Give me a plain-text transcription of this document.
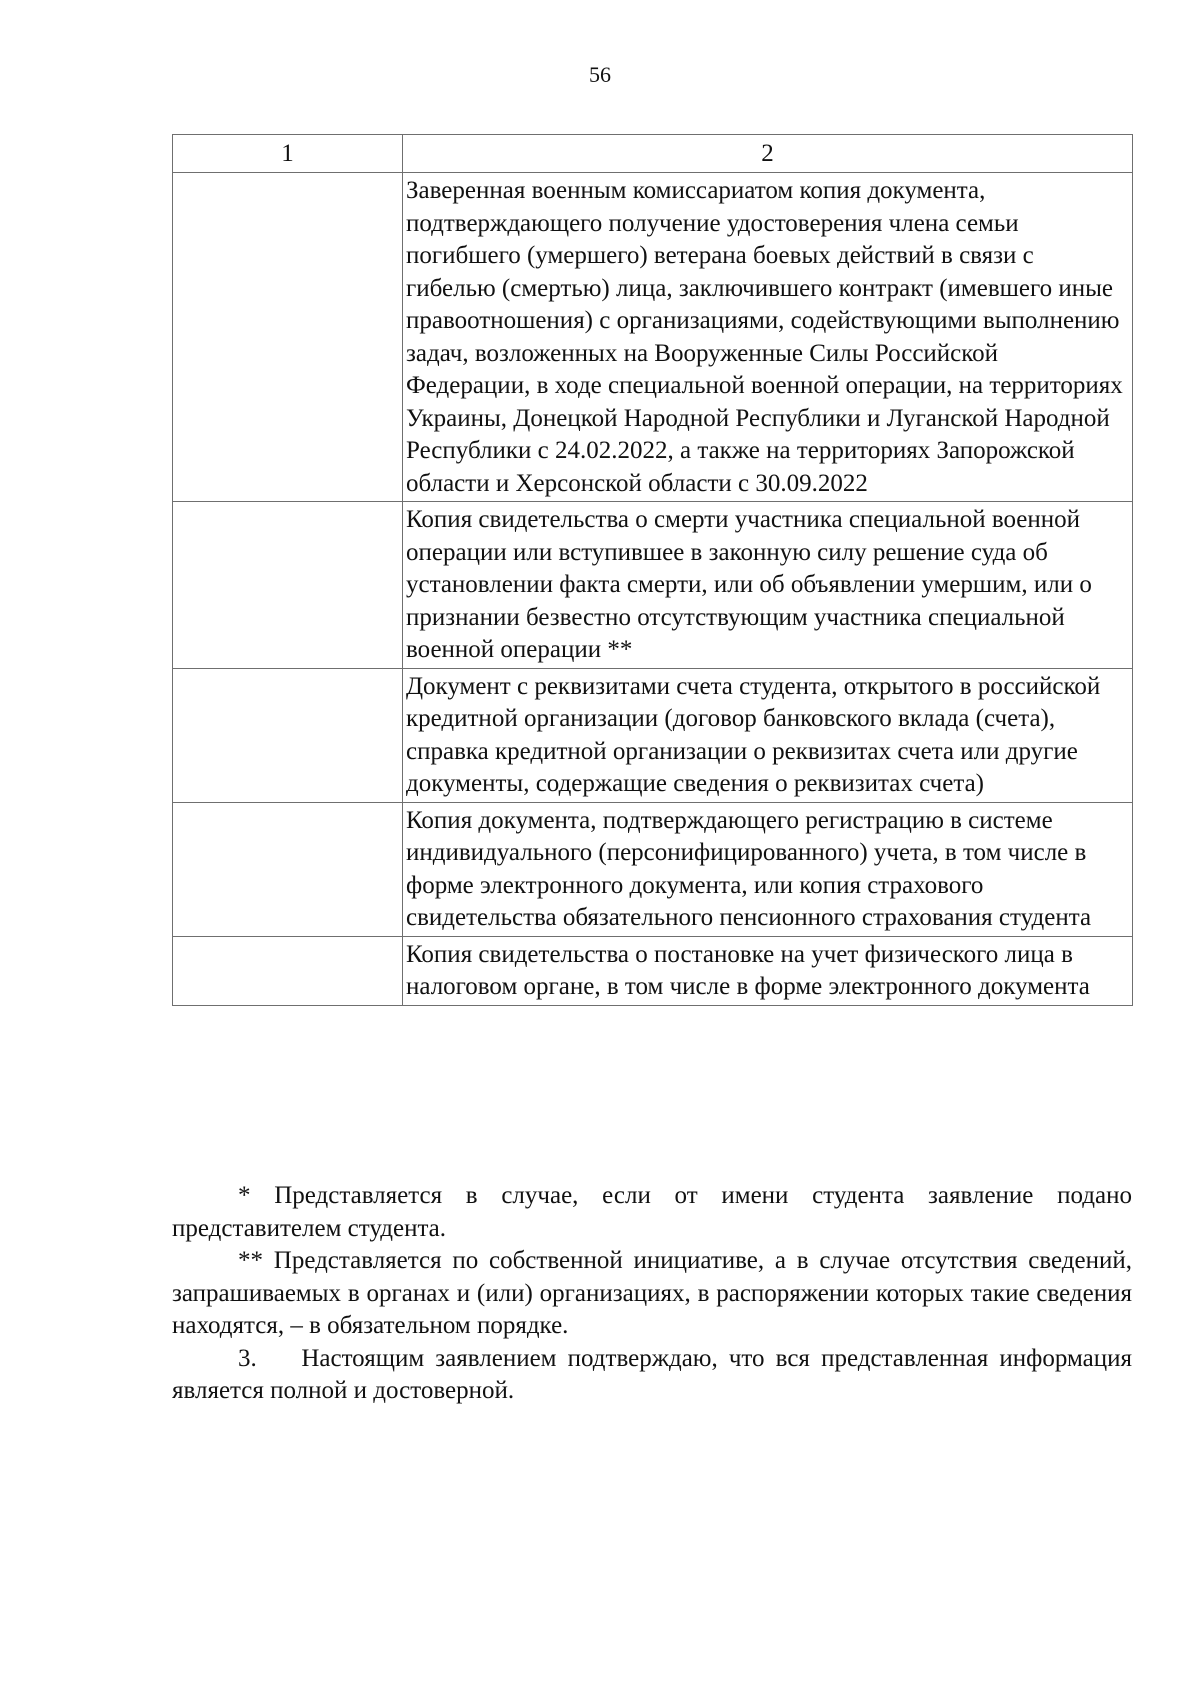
56
1	2
	Заверенная военным комиссариатом копия документа, подтверждающего получение удостоверения члена семьи погибшего (умершего) ветерана боевых действий в связи с гибелью (смертью) лица, заключившего контракт (имевшего иные правоотношения) с организациями, содействующими выполнению задач, возложенных на Вооруженные Силы Российской Федерации, в ходе специальной военной операции, на территориях Украины, Донецкой Народной Республики и Луганской Народной Республики с 24.02.2022, а также на территориях Запорожской области и Херсонской области с 30.09.2022
	Копия свидетельства о смерти участника специальной военной операции или вступившее в законную силу решение суда об установлении факта смерти, или об объявлении умершим, или о признании безвестно отсутствующим участника специальной военной операции **
	Документ с реквизитами счета студента, открытого в российской кредитной организации (договор банковского вклада (счета), справка кредитной организации о реквизитах счета или другие документы, содержащие сведения о реквизитах счета)
	Копия документа, подтверждающего регистрацию в системе индивидуального (персонифицированного) учета, в том числе в форме электронного документа, или копия страхового свидетельства обязательного пенсионного страхования студента
	Копия свидетельства о постановке на учет физического лица в налоговом органе, в том числе в форме электронного документа

* Представляется в случае, если от имени студента заявление подано представителем студента.

** Представляется по собственной инициативе, а в случае отсутствия сведений, запрашиваемых в органах и (или) организациях, в распоряжении которых такие сведения находятся, – в обязательном порядке.

3.    Настоящим заявлением подтверждаю, что вся представленная информация является полной и достоверной.
